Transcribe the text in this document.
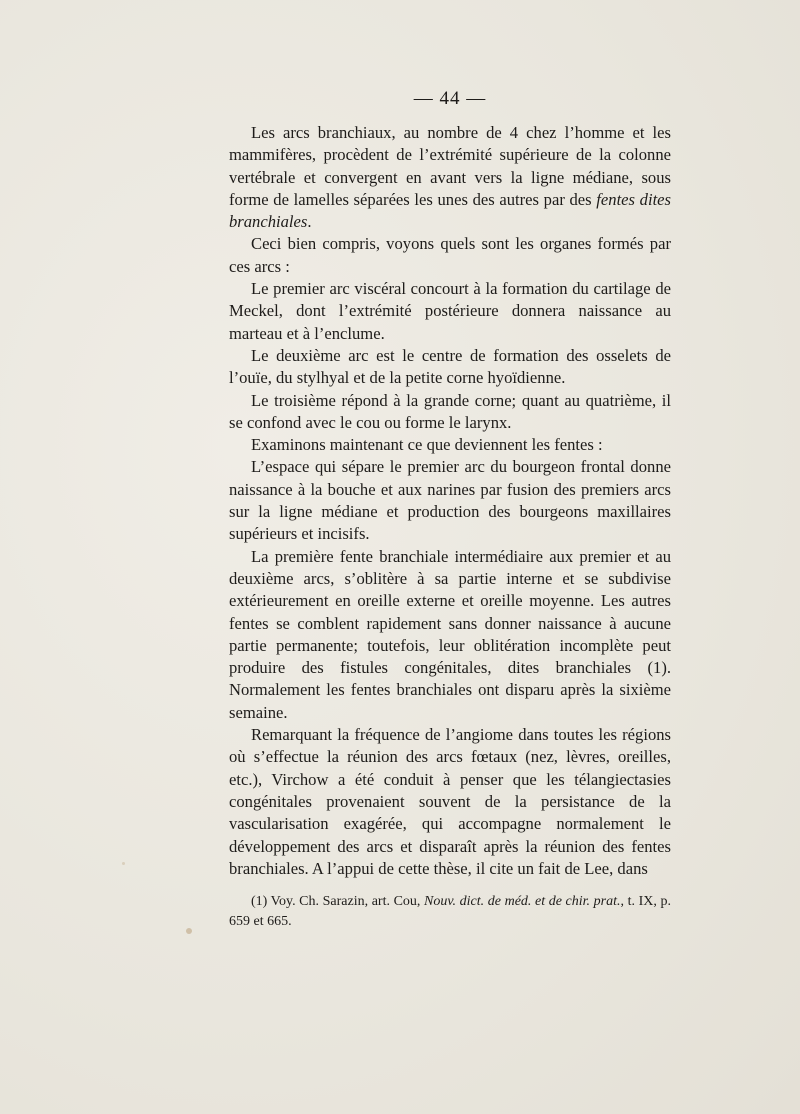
— 44 —

Les arcs branchiaux, au nombre de 4 chez l’homme et les mammifères, procèdent de l’extrémité supérieure de la colonne vertébrale et convergent en avant vers la ligne médiane, sous forme de lamelles séparées les unes des autres par des fentes dites branchiales.

Ceci bien compris, voyons quels sont les organes formés par ces arcs :

Le premier arc viscéral concourt à la formation du cartilage de Meckel, dont l’extrémité postérieure donnera naissance au marteau et à l’enclume.

Le deuxième arc est le centre de formation des osselets de l’ouïe, du stylhyal et de la petite corne hyoïdienne.

Le troisième répond à la grande corne; quant au quatrième, il se confond avec le cou ou forme le larynx.

Examinons maintenant ce que deviennent les fentes :

L’espace qui sépare le premier arc du bourgeon frontal donne naissance à la bouche et aux narines par fusion des premiers arcs sur la ligne médiane et production des bourgeons maxillaires supérieurs et incisifs.

La première fente branchiale intermédiaire aux premier et au deuxième arcs, s’oblitère à sa partie interne et se subdivise extérieurement en oreille externe et oreille moyenne. Les autres fentes se comblent rapidement sans donner naissance à aucune partie permanente; toutefois, leur oblitération incomplète peut produire des fistules congénitales, dites branchiales (1). Normalement les fentes branchiales ont disparu après la sixième semaine.

Remarquant la fréquence de l’angiome dans toutes les régions où s’effectue la réunion des arcs fœtaux (nez, lèvres, oreilles, etc.), Virchow a été conduit à penser que les télangiectasies congénitales provenaient souvent de la persistance de la vascularisation exagérée, qui accompagne normalement le développement des arcs et disparaît après la réunion des fentes branchiales. A l’appui de cette thèse, il cite un fait de Lee, dans

(1) Voy. Ch. Sarazin, art. Cou, Nouv. dict. de méd. et de chir. prat., t. IX, p. 659 et 665.
